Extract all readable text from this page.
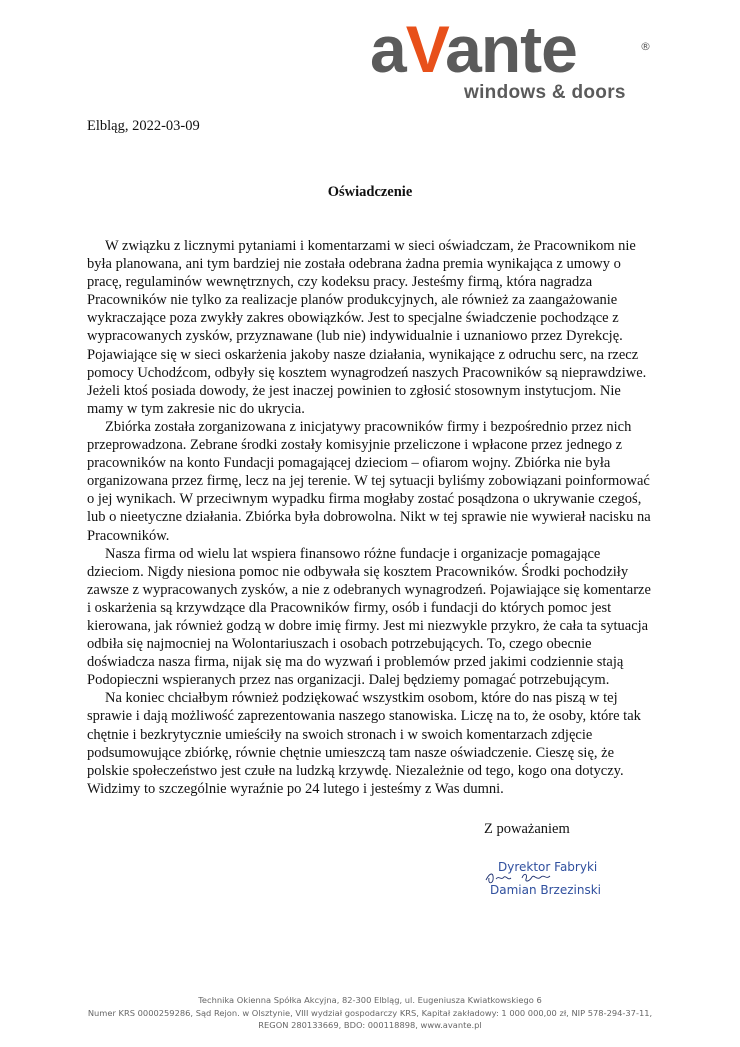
aVante	®
windows & doors
Elbląg, 2022-03-09
Oświadczenie

W związku z licznymi pytaniami i komentarzami w sieci oświadczam, że Pracownikom nie była planowana, ani tym bardziej nie została odebrana żadna premia wynikająca z umowy o pracę, regulaminów wewnętrznych, czy kodeksu pracy. Jesteśmy firmą, która nagradza Pracowników nie tylko za realizacje planów produkcyjnych, ale również za zaangażowanie wykraczające poza zwykły zakres obowiązków. Jest to specjalne świadczenie pochodzące z wypracowanych zysków, przyznawane (lub nie) indywidualnie i uznaniowo przez Dyrekcję. Pojawiające się w sieci oskarżenia jakoby nasze działania, wynikające z odruchu serc, na rzecz pomocy Uchodźcom, odbyły się kosztem wynagrodzeń naszych Pracowników są nieprawdziwe. Jeżeli ktoś posiada dowody, że jest inaczej powinien to zgłosić stosownym instytucjom. Nie mamy w tym zakresie nic do ukrycia.

Zbiórka została zorganizowana z inicjatywy pracowników firmy i bezpośrednio przez nich przeprowadzona. Zebrane środki zostały komisyjnie przeliczone i wpłacone przez jednego z pracowników na konto Fundacji pomagającej dzieciom – ofiarom wojny. Zbiórka nie była organizowana przez firmę, lecz na jej terenie. W tej sytuacji byliśmy zobowiązani poinformować o jej wynikach. W przeciwnym wypadku firma mogłaby zostać posądzona o ukrywanie czegoś, lub o nieetyczne działania. Zbiórka była dobrowolna. Nikt w tej sprawie nie wywierał nacisku na Pracowników.

Nasza firma od wielu lat wspiera finansowo różne fundacje i organizacje pomagające dzieciom. Nigdy niesiona pomoc nie odbywała się kosztem Pracowników. Środki pochodziły zawsze z wypracowanych zysków, a nie z odebranych wynagrodzeń. Pojawiające się komentarze i oskarżenia są krzywdzące dla Pracowników firmy, osób i fundacji do których pomoc jest kierowana, jak również godzą w dobre imię firmy. Jest mi niezwykle przykro, że cała ta sytuacja odbiła się najmocniej na Wolontariuszach i osobach potrzebujących. To, czego obecnie doświadcza nasza firma, nijak się ma do wyzwań i problemów przed jakimi codziennie stają Podopieczni wspieranych przez nas organizacji. Dalej będziemy pomagać potrzebującym.

Na koniec chciałbym również podziękować wszystkim osobom, które do nas piszą w tej sprawie i dają możliwość zaprezentowania naszego stanowiska. Liczę na to, że osoby, które tak chętnie i bezkrytycznie umieściły na swoich stronach i w swoich komentarzach zdjęcie podsumowujące zbiórkę, równie chętnie umieszczą tam nasze oświadczenie. Cieszę się, że polskie społeczeństwo jest czułe na ludzką krzywdę. Niezależnie od tego, kogo ona dotyczy. Widzimy to szczególnie wyraźnie po 24 lutego i jesteśmy z Was dumni.

Z poważaniem
Dyrektor Fabryki
Damian Brzezinski
Technika Okienna Spółka Akcyjna, 82-300 Elbląg, ul. Eugeniusza Kwiatkowskiego 6
Numer KRS 0000259286, Sąd Rejon. w Olsztynie, VIII wydział gospodarczy KRS, Kapitał zakładowy: 1 000 000,00 zł, NIP 578-294-37-11,
REGON 280133669, BDO: 000118898, www.avante.pl
